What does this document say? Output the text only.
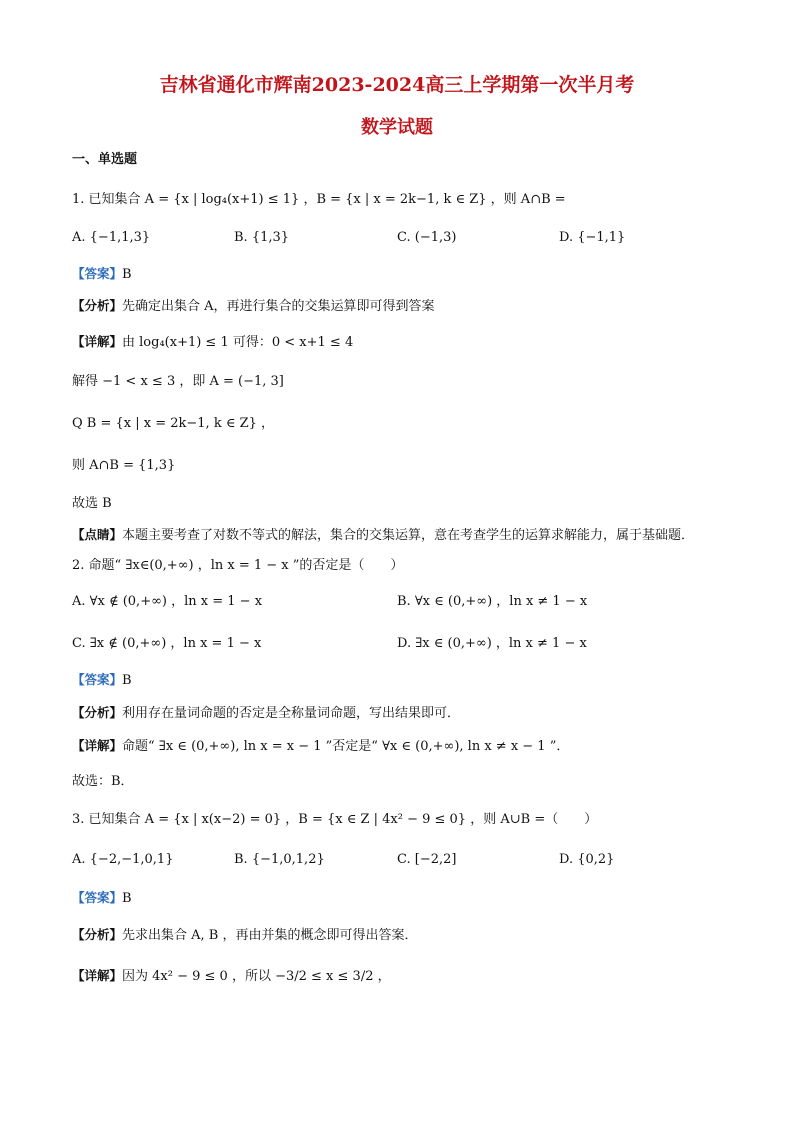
吉林省通化市辉南2023-2024高三上学期第一次半月考
数学试题
一、单选题
1. 已知集合 A = {x | log₄(x+1) ≤ 1} ，B = {x | x = 2k−1, k ∈ Z} ，则 A∩B =
A. {−1,1,3}	B. {1,3}	C. (−1,3)	D. {−1,1}
【答案】B
【分析】先确定出集合 A，再进行集合的交集运算即可得到答案
【详解】由 log₄(x+1) ≤ 1 可得：0 < x+1 ≤ 4
解得 −1 < x ≤ 3 ，即 A = (−1, 3]
Q B = {x | x = 2k−1, k ∈ Z} ，
则 A∩B = {1,3}
故选 B
【点睛】本题主要考查了对数不等式的解法，集合的交集运算，意在考查学生的运算求解能力，属于基础题．
2. 命题“ ∃x∈(0,+∞) ，ln x = 1 − x ”的否定是（　　）
A. ∀x ∉ (0,+∞) ，ln x = 1 − x	B. ∀x ∈ (0,+∞) ，ln x ≠ 1 − x
C. ∃x ∉ (0,+∞) ，ln x = 1 − x	D. ∃x ∈ (0,+∞) ，ln x ≠ 1 − x
【答案】B
【分析】利用存在量词命题的否定是全称量词命题，写出结果即可．
【详解】命题“ ∃x ∈ (0,+∞), ln x = x − 1 ”否定是“ ∀x ∈ (0,+∞), ln x ≠ x − 1 ”．
故选：B．
3. 已知集合 A = {x | x(x−2) = 0} ，B = {x ∈ Z | 4x² − 9 ≤ 0} ，则 A∪B =（　　）
A. {−2,−1,0,1}	B. {−1,0,1,2}	C. [−2,2]	D. {0,2}
【答案】B
【分析】先求出集合 A, B ，再由并集的概念即可得出答案．
【详解】因为 4x² − 9 ≤ 0 ，所以 −3/2 ≤ x ≤ 3/2 ，
